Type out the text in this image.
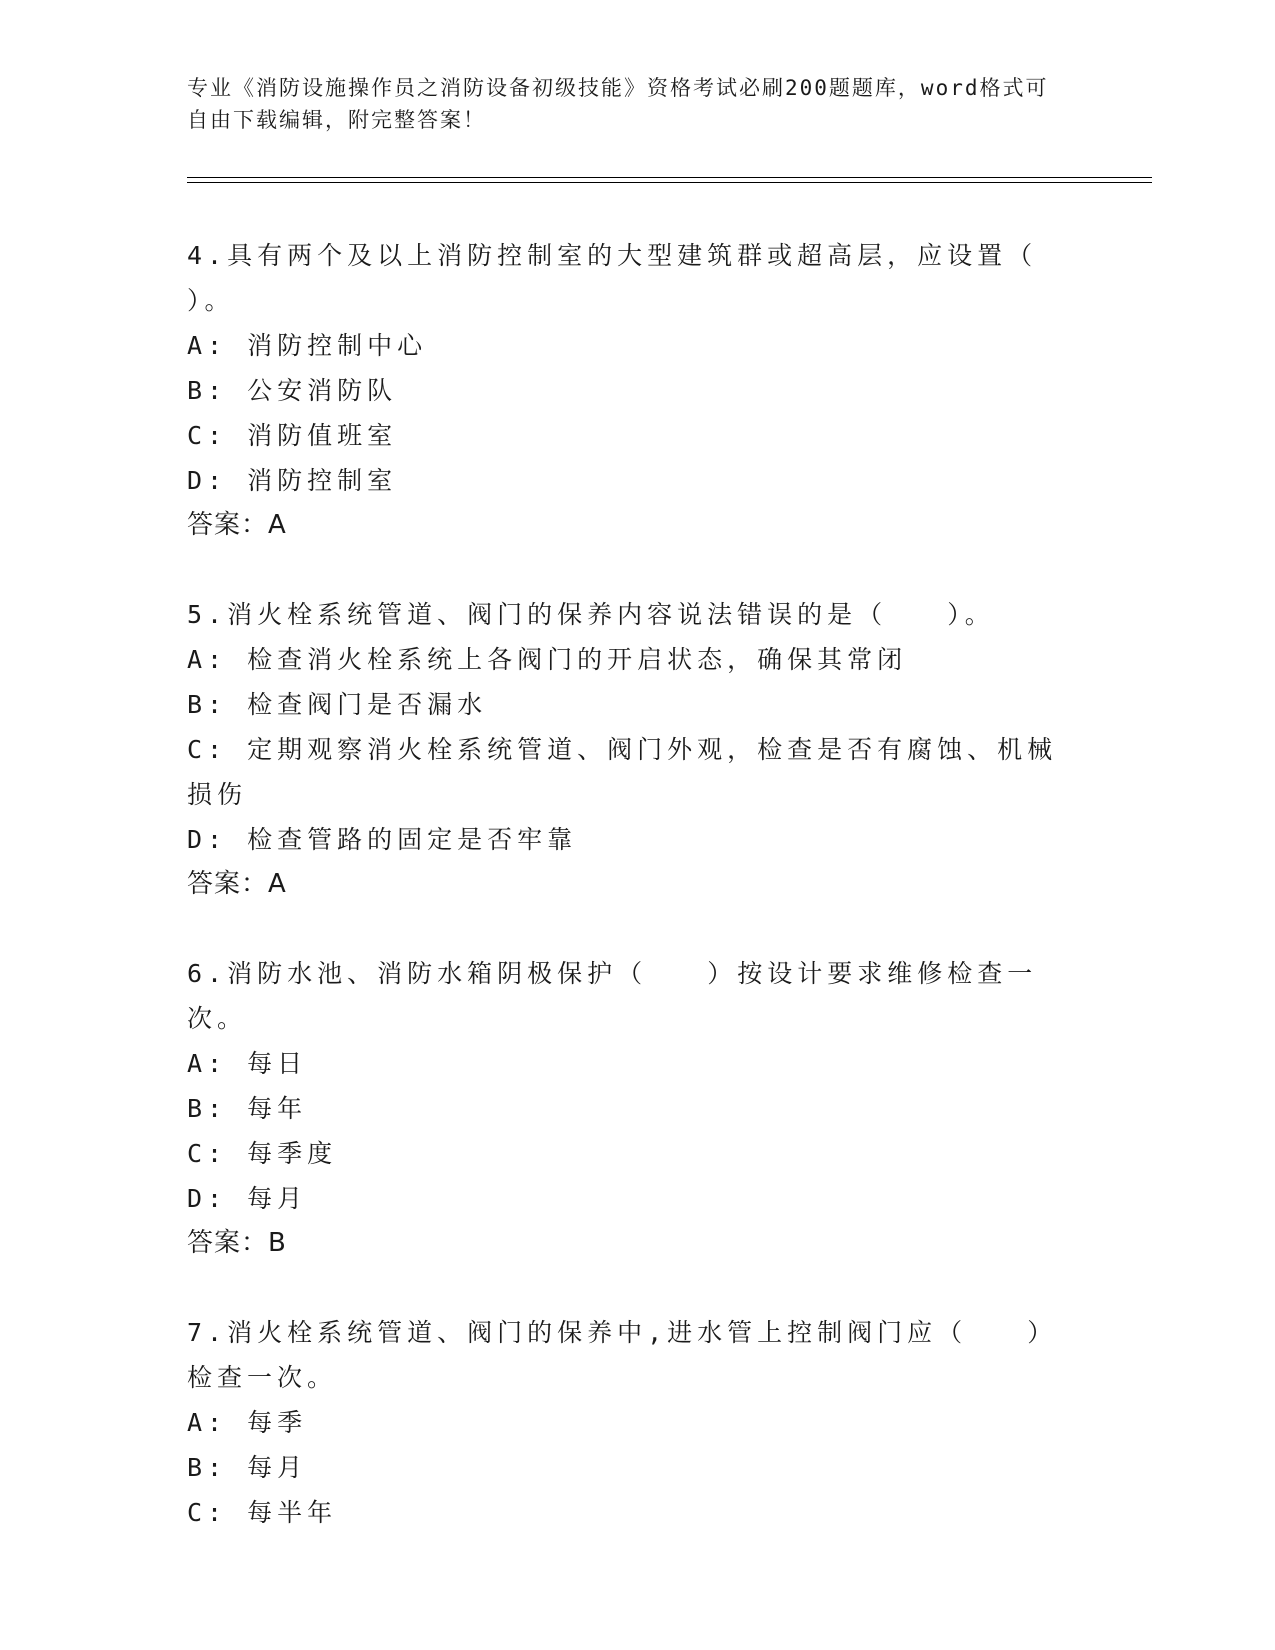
专业《消防设施操作员之消防设备初级技能》资格考试必刷200题题库，word格式可自由下载编辑，附完整答案！
4.具有两个及以上消防控制室的大型建筑群或超高层，应设置（    ）。
A: 消防控制中心
B: 公安消防队
C: 消防值班室
D: 消防控制室
答案：A
5.消火栓系统管道、阀门的保养内容说法错误的是（   ）。
A: 检查消火栓系统上各阀门的开启状态，确保其常闭
B: 检查阀门是否漏水
C: 定期观察消火栓系统管道、阀门外观，检查是否有腐蚀、机械损伤
D: 检查管路的固定是否牢靠
答案：A
6.消防水池、消防水箱阴极保护（   ）按设计要求维修检查一次。
A: 每日
B: 每年
C: 每季度
D: 每月
答案：B
7.消火栓系统管道、阀门的保养中,进水管上控制阀门应（   ）检查一次。
A: 每季
B: 每月
C: 每半年
